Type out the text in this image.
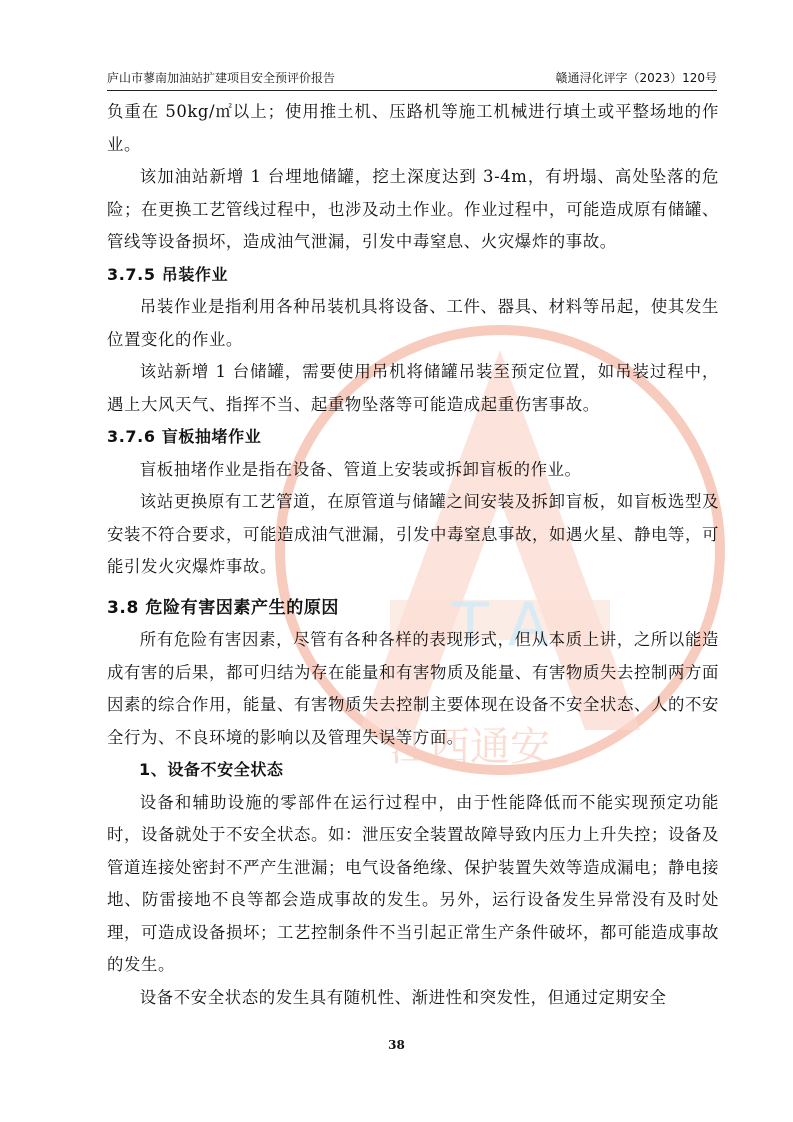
庐山市蓼南加油站扩建项目安全预评价报告	赣通浔化评字（2023）120号
T A
江西通安

负重在 50kg/㎡以上；使用推土机、压路机等施工机械进行填土或平整场地的作业。

该加油站新增 1 台埋地储罐，挖土深度达到 3-4m，有坍塌、高处坠落的危险；在更换工艺管线过程中，也涉及动土作业。作业过程中，可能造成原有储罐、管线等设备损坏，造成油气泄漏，引发中毒窒息、火灾爆炸的事故。

3.7.5 吊装作业

吊装作业是指利用各种吊装机具将设备、工件、器具、材料等吊起，使其发生位置变化的作业。

该站新增 1 台储罐，需要使用吊机将储罐吊装至预定位置，如吊装过程中，遇上大风天气、指挥不当、起重物坠落等可能造成起重伤害事故。

3.7.6 盲板抽堵作业

盲板抽堵作业是指在设备、管道上安装或拆卸盲板的作业。

该站更换原有工艺管道，在原管道与储罐之间安装及拆卸盲板，如盲板选型及安装不符合要求，可能造成油气泄漏，引发中毒窒息事故，如遇火星、静电等，可能引发火灾爆炸事故。

3.8 危险有害因素产生的原因

所有危险有害因素，尽管有各种各样的表现形式，但从本质上讲，之所以能造成有害的后果，都可归结为存在能量和有害物质及能量、有害物质失去控制两方面因素的综合作用，能量、有害物质失去控制主要体现在设备不安全状态、人的不安全行为、不良环境的影响以及管理失误等方面。

1、设备不安全状态

设备和辅助设施的零部件在运行过程中，由于性能降低而不能实现预定功能时，设备就处于不安全状态。如：泄压安全装置故障导致内压力上升失控；设备及管道连接处密封不严产生泄漏；电气设备绝缘、保护装置失效等造成漏电；静电接地、防雷接地不良等都会造成事故的发生。另外，运行设备发生异常没有及时处理，可造成设备损坏；工艺控制条件不当引起正常生产条件破坏，都可能造成事故的发生。

设备不安全状态的发生具有随机性、渐进性和突发性，但通过定期安全

38
